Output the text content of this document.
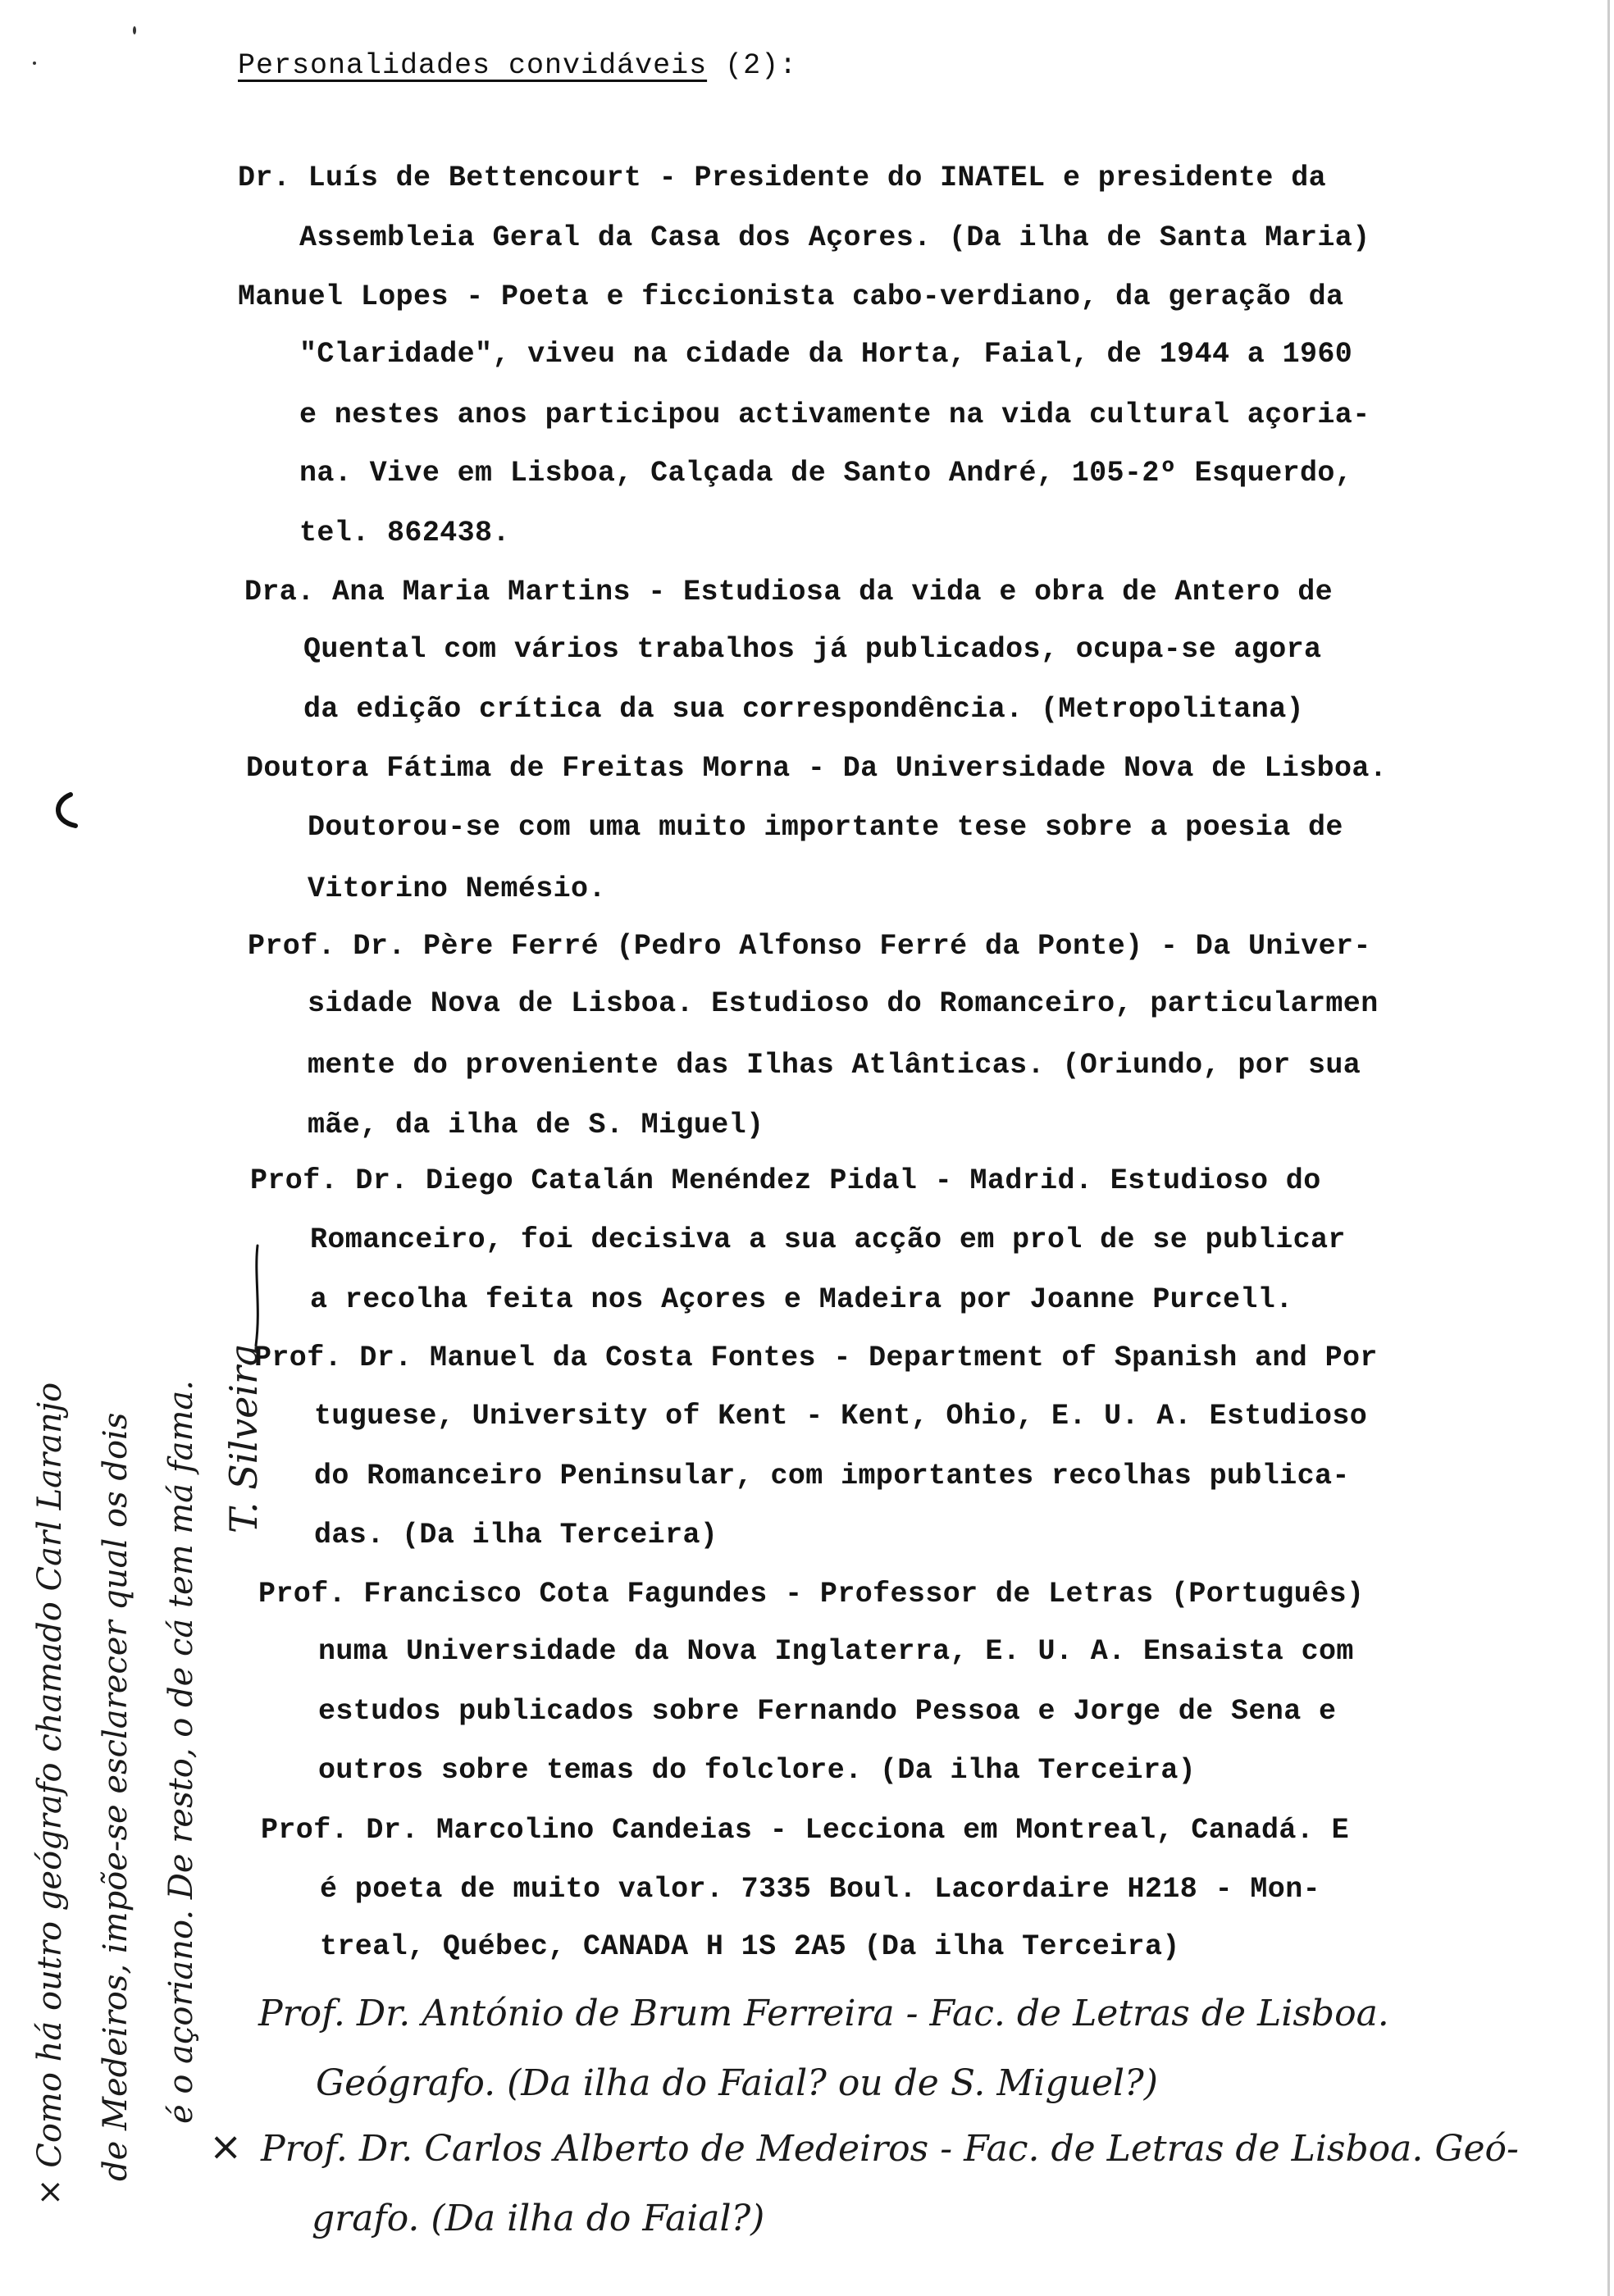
Personalidades convidáveis (2):
Dr. Luís de Bettencourt - Presidente do INATEL e presidente da
Assembleia Geral da Casa dos Açores. (Da ilha de Santa Maria)
Manuel Lopes - Poeta e ficcionista cabo-verdiano, da geração da
"Claridade", viveu na cidade da Horta, Faial, de 1944 a 1960
e nestes anos participou activamente na vida cultural açoria-
na. Vive em Lisboa, Calçada de Santo André, 105-2º Esquerdo,
tel. 862438.
Dra. Ana Maria Martins - Estudiosa da vida e obra de Antero de
Quental com vários trabalhos já publicados, ocupa-se agora
da edição crítica da sua correspondência. (Metropolitana)
Doutora Fátima de Freitas Morna - Da Universidade Nova de Lisboa.
Doutorou-se com uma muito importante tese sobre a poesia de
Vitorino Nemésio.
Prof. Dr. Père Ferré (Pedro Alfonso Ferré da Ponte) - Da Univer-
sidade Nova de Lisboa. Estudioso do Romanceiro, particularmen
mente do proveniente das Ilhas Atlânticas. (Oriundo, por sua
mãe, da ilha de S. Miguel)
Prof. Dr. Diego Catalán Menéndez Pidal - Madrid. Estudioso do
Romanceiro, foi decisiva a sua acção em prol de se publicar
a recolha feita nos Açores e Madeira por Joanne Purcell.
Prof. Dr. Manuel da Costa Fontes - Department of Spanish and Por
tuguese, University of Kent - Kent, Ohio, E. U. A. Estudioso
do Romanceiro Peninsular, com importantes recolhas publica-
das. (Da ilha Terceira)
Prof. Francisco Cota Fagundes - Professor de Letras (Português)
numa Universidade da Nova Inglaterra, E. U. A. Ensaista com
estudos publicados sobre Fernando Pessoa e Jorge de Sena e
outros sobre temas do folclore. (Da ilha Terceira)
Prof. Dr. Marcolino Candeias - Lecciona em Montreal, Canadá. E
é poeta de muito valor. 7335 Boul. Lacordaire H218 - Mon-
treal, Québec, CANADA H 1S 2A5 (Da ilha Terceira)
Prof. Dr. António de Brum Ferreira - Fac. de Letras de Lisboa.
Geógrafo. (Da ilha do Faial? ou de S. Miguel?)
× Prof. Dr. Carlos Alberto de Medeiros - Fac. de Letras de Lisboa. Geó-
grafo. (Da ilha do Faial?)
× Como há outro geógrafo chamado Carl Laranjo de Medeiros, impõe-se esclarecer qual os dois é o açoriano. De resto, o de cá tem má fama. T. Silveira
